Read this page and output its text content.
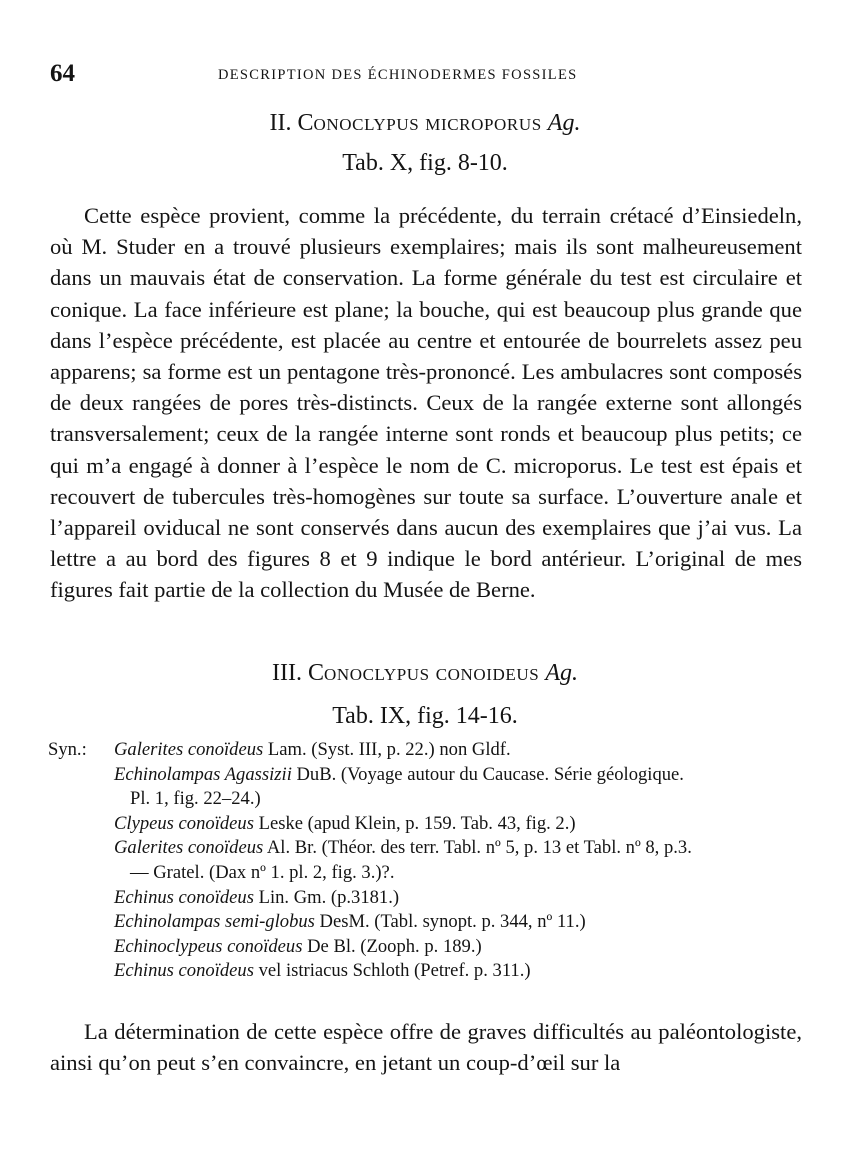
64	DESCRIPTION DES ÉCHINODERMES FOSSILES
II. CONOCLYPUS MICROPORUS Ag.
Tab. X, fig. 8-10.

Cette espèce provient, comme la précédente, du terrain crétacé d’Einsiedeln, où M. Studer en a trouvé plusieurs exemplaires; mais ils sont malheureusement dans un mauvais état de conservation. La forme générale du test est circulaire et conique. La face inférieure est plane; la bouche, qui est beaucoup plus grande que dans l’espèce précédente, est placée au centre et entourée de bourrelets assez peu apparens; sa forme est un pentagone très-prononcé. Les ambulacres sont composés de deux rangées de pores très-distincts. Ceux de la rangée externe sont allongés transversalement; ceux de la rangée interne sont ronds et beaucoup plus petits; ce qui m’a engagé à donner à l’espèce le nom de C. microporus. Le test est épais et recouvert de tubercules très-homogènes sur toute sa surface. L’ouverture anale et l’appareil oviducal ne sont conservés dans aucun des exemplaires que j’ai vus. La lettre a au bord des figures 8 et 9 indique le bord antérieur. L’original de mes figures fait partie de la collection du Musée de Berne.

III. CONOCLYPUS CONOIDEUS Ag.
Tab. IX, fig. 14-16.
Syn.:	Galerites conoïdeus Lam. (Syst. III, p. 22.) non Gldf.
Echinolampas Agassizii DuB. (Voyage autour du Caucase. Série géologique.
Pl. 1, fig. 22–24.)
Clypeus conoïdeus Leske (apud Klein, p. 159. Tab. 43, fig. 2.)
Galerites conoïdeus Al. Br. (Théor. des terr. Tabl. nº 5, p. 13 et Tabl. nº 8, p.3.
— Gratel. (Dax nº 1. pl. 2, fig. 3.)?.
Echinus conoïdeus Lin. Gm. (p.3181.)
Echinolampas semi-globus DesM. (Tabl. synopt. p. 344, nº 11.)
Echinoclypeus conoïdeus De Bl. (Zooph. p. 189.)
Echinus conoïdeus vel istriacus Schloth (Petref. p. 311.)

La détermination de cette espèce offre de graves difficultés au paléontologiste, ainsi qu’on peut s’en convaincre, en jetant un coup-d’œil sur la
